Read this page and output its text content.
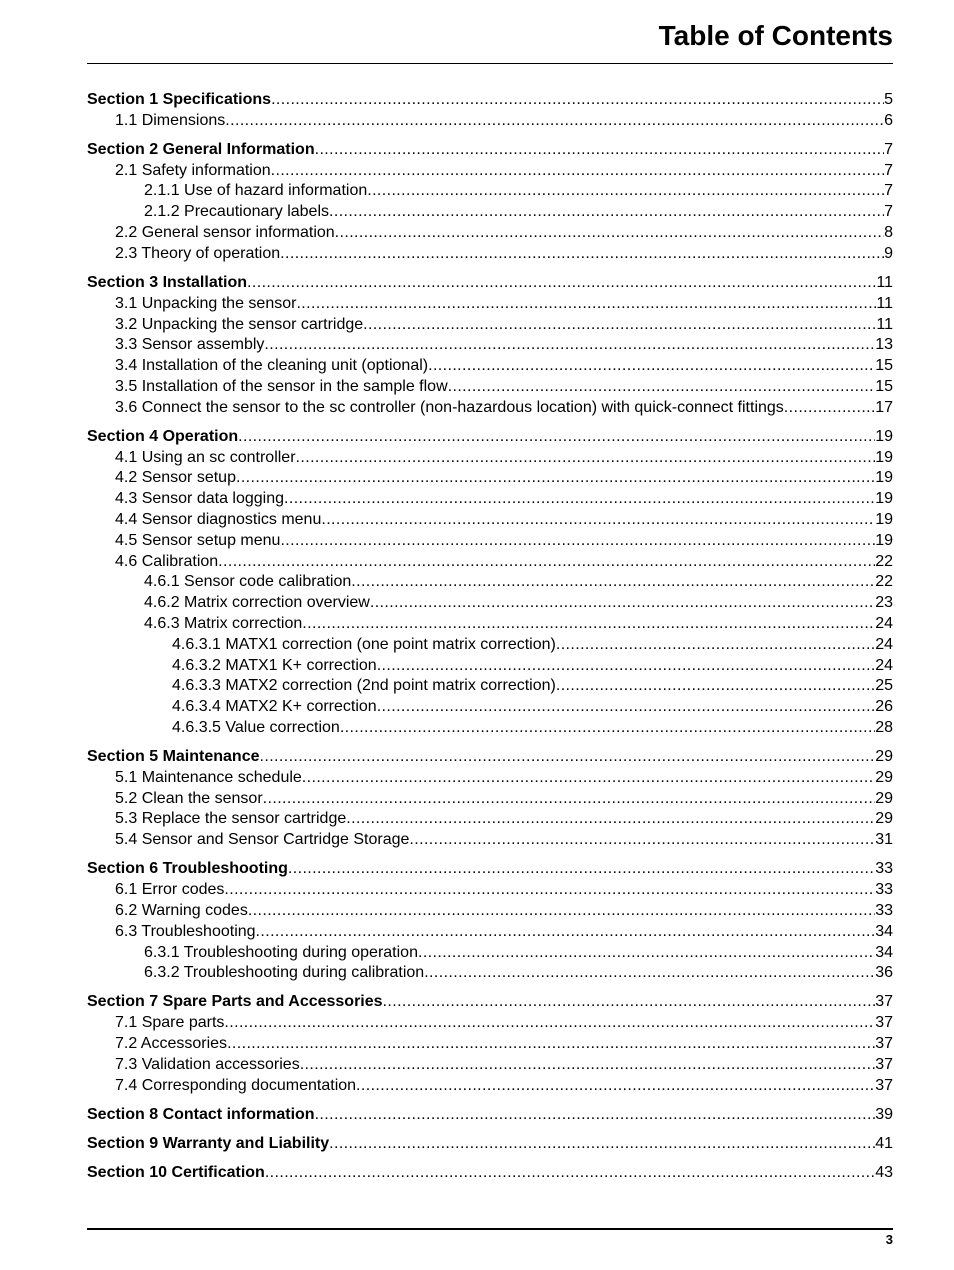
Table of Contents
Section 1 Specifications .....	5
1.1 Dimensions .....	6
Section 2 General Information .....	7
2.1 Safety information .....	7
2.1.1 Use of hazard information .....	7
2.1.2 Precautionary labels .....	7
2.2 General sensor information .....	8
2.3 Theory of operation .....	9
Section 3 Installation .....	11
3.1 Unpacking the sensor .....	11
3.2 Unpacking the sensor cartridge .....	11
3.3 Sensor assembly .....	13
3.4 Installation of the cleaning unit (optional) .....	15
3.5 Installation of the sensor in the sample flow .....	15
3.6 Connect the sensor to the sc controller (non-hazardous location) with quick-connect fittings .....	17
Section 4 Operation .....	19
4.1 Using an sc controller .....	19
4.2 Sensor setup .....	19
4.3 Sensor data logging .....	19
4.4 Sensor diagnostics menu .....	19
4.5 Sensor setup menu .....	19
4.6 Calibration .....	22
4.6.1 Sensor code calibration .....	22
4.6.2 Matrix correction overview .....	23
4.6.3 Matrix correction .....	24
4.6.3.1 MATX1 correction (one point matrix correction) .....	24
4.6.3.2 MATX1 K+ correction .....	24
4.6.3.3 MATX2 correction (2nd point matrix correction) .....	25
4.6.3.4 MATX2 K+ correction .....	26
4.6.3.5 Value correction .....	28
Section 5 Maintenance .....	29
5.1 Maintenance schedule .....	29
5.2 Clean the sensor .....	29
5.3 Replace the sensor cartridge .....	29
5.4 Sensor and Sensor Cartridge Storage .....	31
Section 6 Troubleshooting .....	33
6.1 Error codes .....	33
6.2 Warning codes .....	33
6.3 Troubleshooting .....	34
6.3.1 Troubleshooting during operation .....	34
6.3.2 Troubleshooting during calibration .....	36
Section 7 Spare Parts and Accessories .....	37
7.1 Spare parts .....	37
7.2 Accessories .....	37
7.3 Validation accessories .....	37
7.4 Corresponding documentation .....	37
Section 8 Contact information .....	39
Section 9 Warranty and Liability .....	41
Section 10 Certification .....	43
3
